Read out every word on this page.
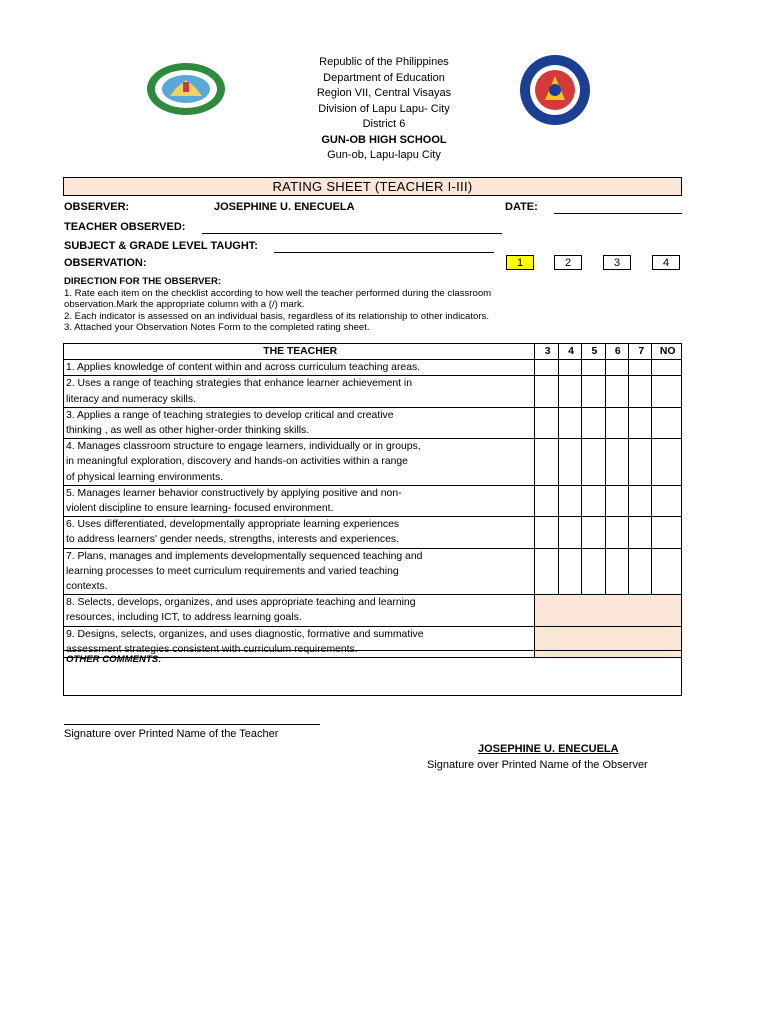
Republic of the Philippines
Department of Education
Region VII, Central Visayas
Division of Lapu Lapu- City
District 6
GUN-OB HIGH SCHOOL
Gun-ob, Lapu-lapu City
RATING SHEET (TEACHER I-III)
OBSERVER:	JOSEPHINE U. ENECUELA	DATE:
TEACHER OBSERVED:
SUBJECT & GRADE LEVEL TAUGHT:
OBSERVATION:	1	2	3	4
DIRECTION FOR THE OBSERVER:
1. Rate each item on the checklist according to how well the teacher performed during the classroom
observation.Mark the appropriate column with a (/) mark.
2. Each indicator is assessed on an individual basis, regardless of its relationship to other indicators.
3. Attached your Observation Notes Form to the completed rating sheet.
THE TEACHER	3	4	5	6	7	NO

1. Applies knowledge of content within and across curriculum teaching areas.						

2. Uses a range of teaching strategies that enhance learner achievement in
literacy and numeracy skills.						

3. Applies a range of teaching strategies to develop critical and creative
thinking , as well as other higher-order thinking skills.						

4. Manages classroom structure to engage learners, individually or in groups,
in meaningful exploration, discovery and hands-on activities within a range
of physical learning environments.						

5. Manages learner behavior constructively by applying positive and non-
violent discipline to ensure learning- focused environment.						

6. Uses differentiated, developmentally appropriate learning experiences
to address learners' gender needs, strengths, interests and experiences.						

7. Plans, manages and implements developmentally sequenced teaching and
learning processes to meet curriculum requirements and varied teaching
contexts.						

8. Selects, develops, organizes, and uses appropriate teaching and learning
resources, including ICT, to address learning goals.						

9. Designs, selects, organizes, and uses diagnostic, formative and summative
assessment strategies consistent with curriculum requirements.						

OTHER COMMENTS:
Signature over Printed Name of the Teacher
JOSEPHINE U. ENECUELA
Signature over Printed Name of the Observer
